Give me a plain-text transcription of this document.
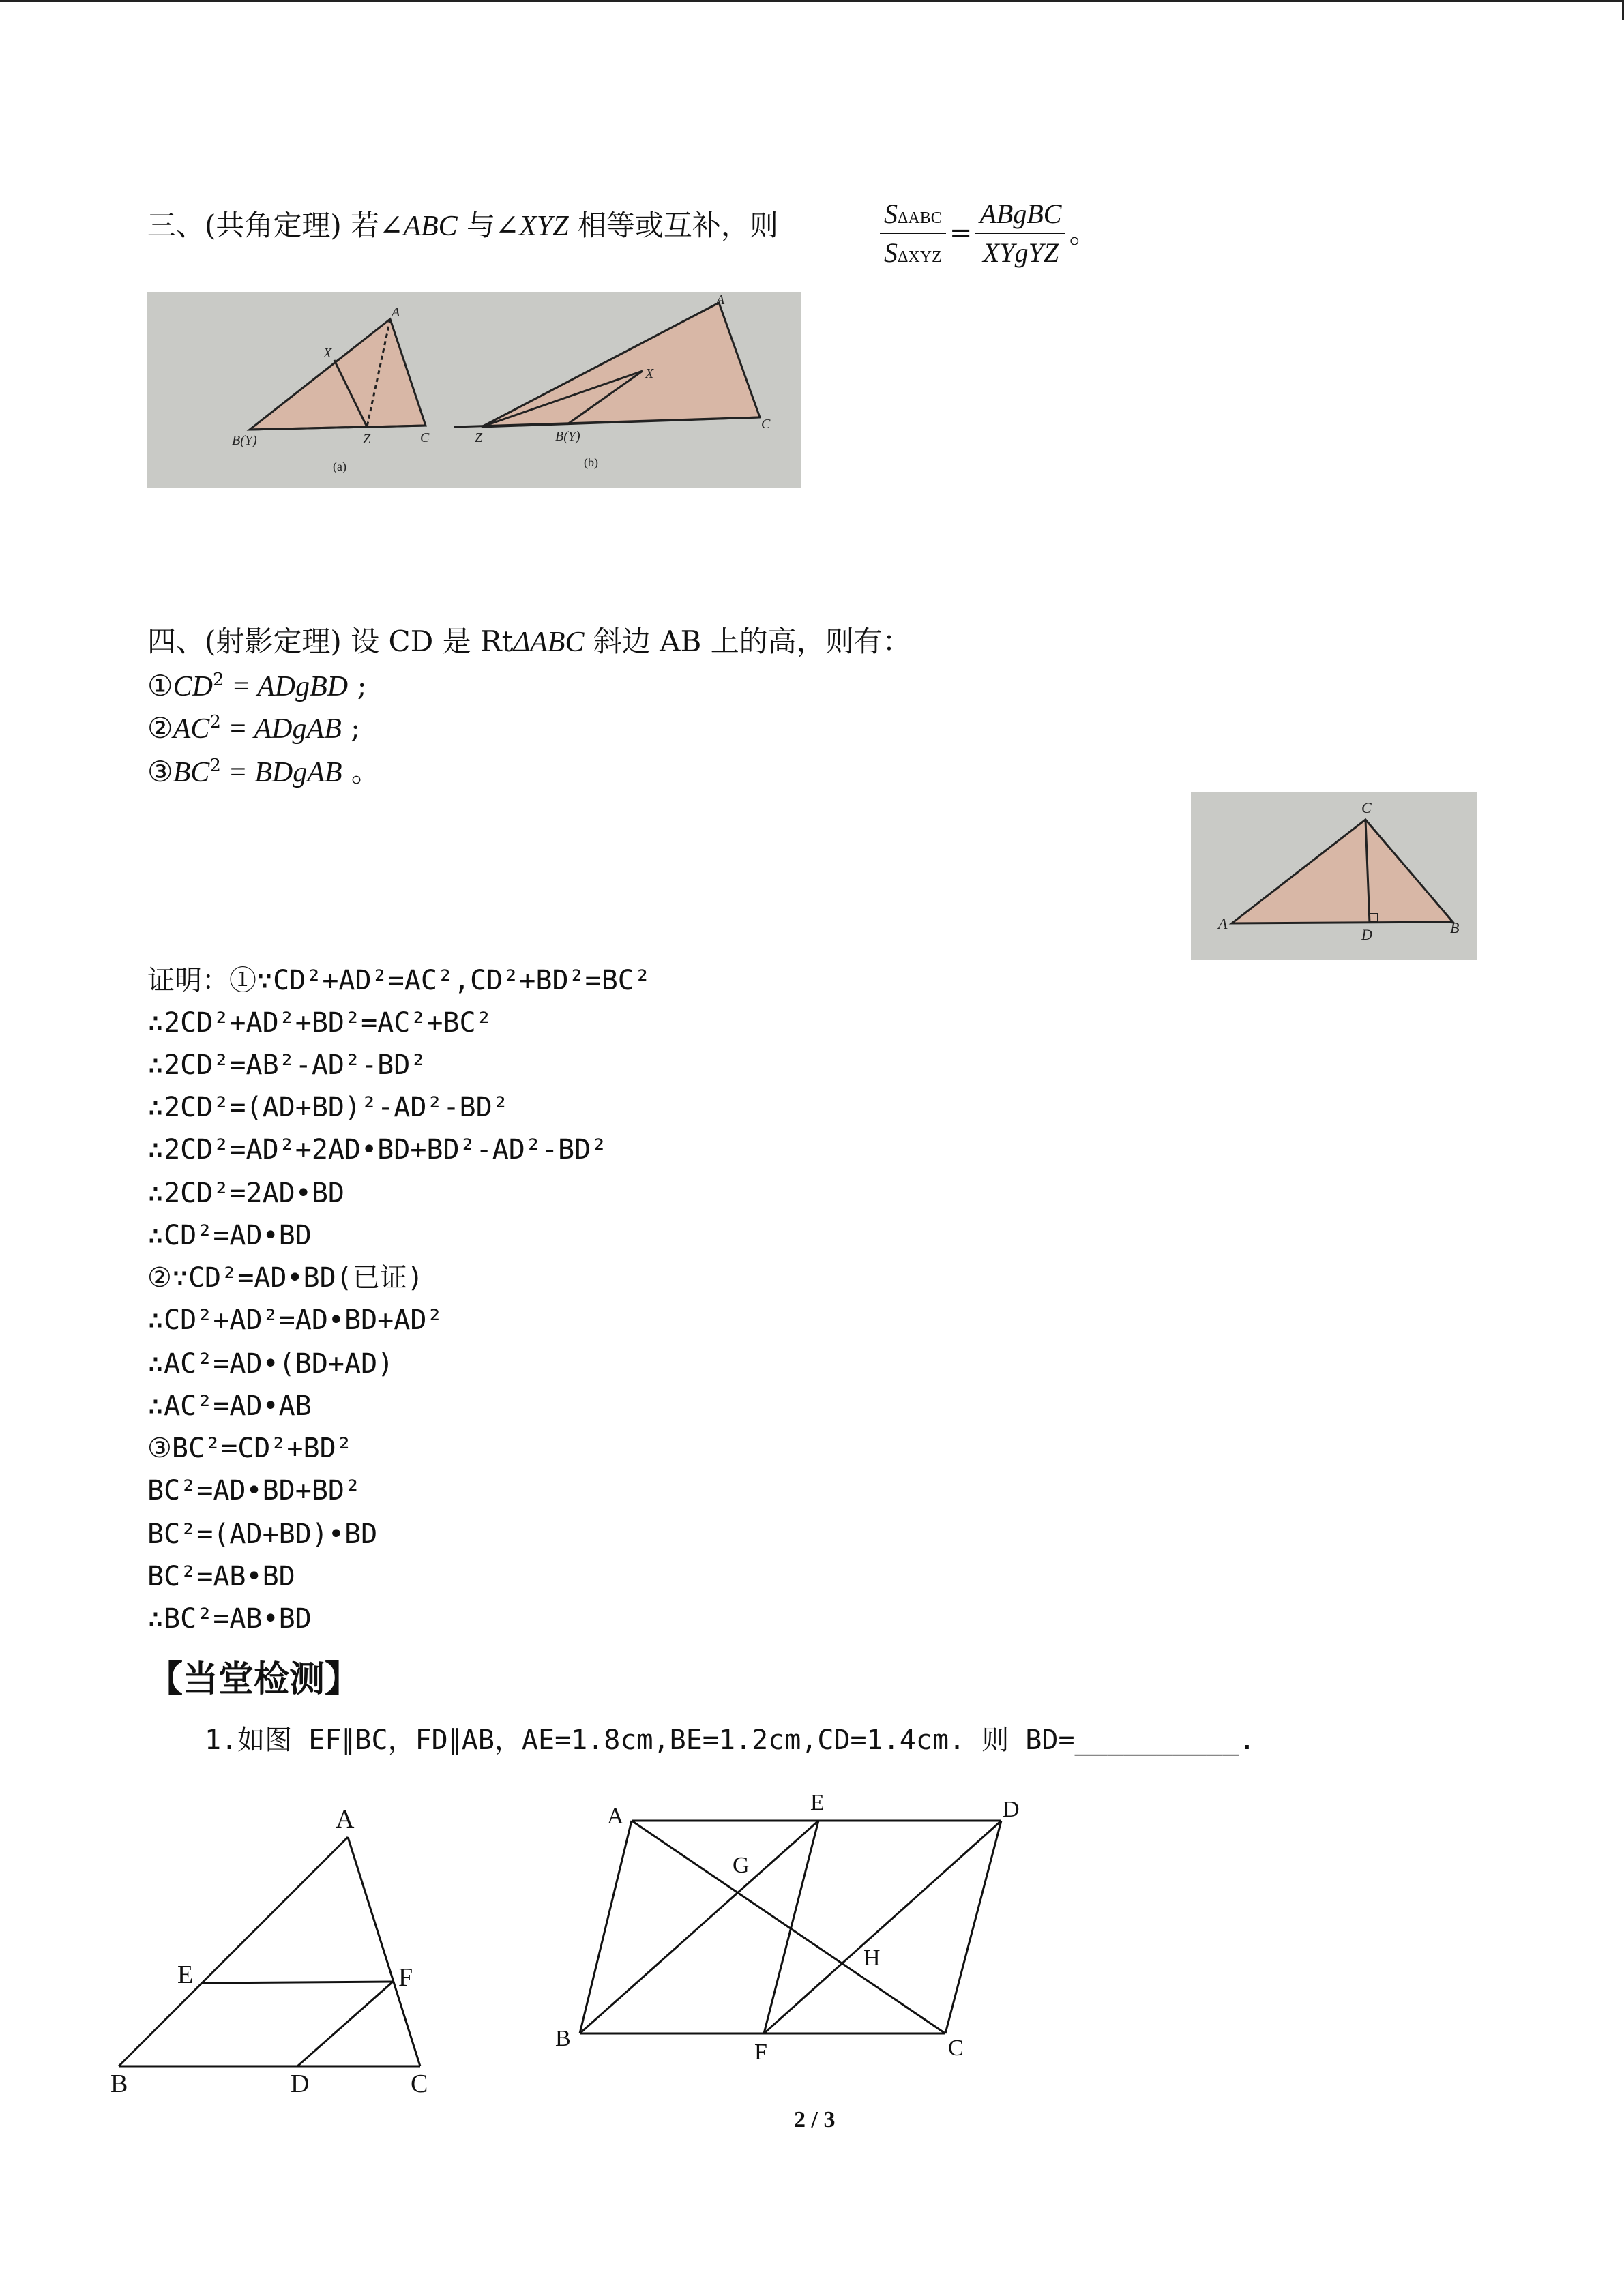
三、(共角定理) 若∠ABC 与∠XYZ 相等或互补，则	$\frac{\text{SΔABC}}{\text{SΔXYZ}} = \frac{\text{ABgBC}}{\text{XYgYZ}}$ 。
A
X
B(Y)	Z	C
(a)
A
X
Z	B(Y)
C
(b)
四、(射影定理) 设 CD 是 RtΔABC 斜边 AB 上的高，则有：
$①CD^2$ = ADgBD ;
$②AC^2$ = ADgAB ;
$③BC^2$ = BDgAB 。
C
A
D	B
证明：①∵CD²+AD²=AC²,CD²+BD²=BC²
∴2CD²+AD²+BD²=AC²+BC²
∴2CD²=AB²-AD²-BD²
∴2CD²=(AD+BD)²-AD²-BD²
∴2CD²=AD²+2AD•BD+BD²-AD²-BD²
∴2CD²=2AD•BD
∴CD²=AD•BD
②∵CD²=AD•BD(已证)
∴CD²+AD²=AD•BD+AD²
∴AC²=AD•(BD+AD)
∴AC²=AD•AB
③BC²=CD²+BD²
BC²=AD•BD+BD²
BC²=(AD+BD)•BD
BC²=AB•BD
∴BC²=AB•BD
【当堂检测】
1.如图 EF∥BC，FD∥AB，AE=1.8cm,BE=1.2cm,CD=1.4cm. 则 BD=__________.
A
E	F
B	D	C
A
E	D
G
H
B
F	C
2 / 3
